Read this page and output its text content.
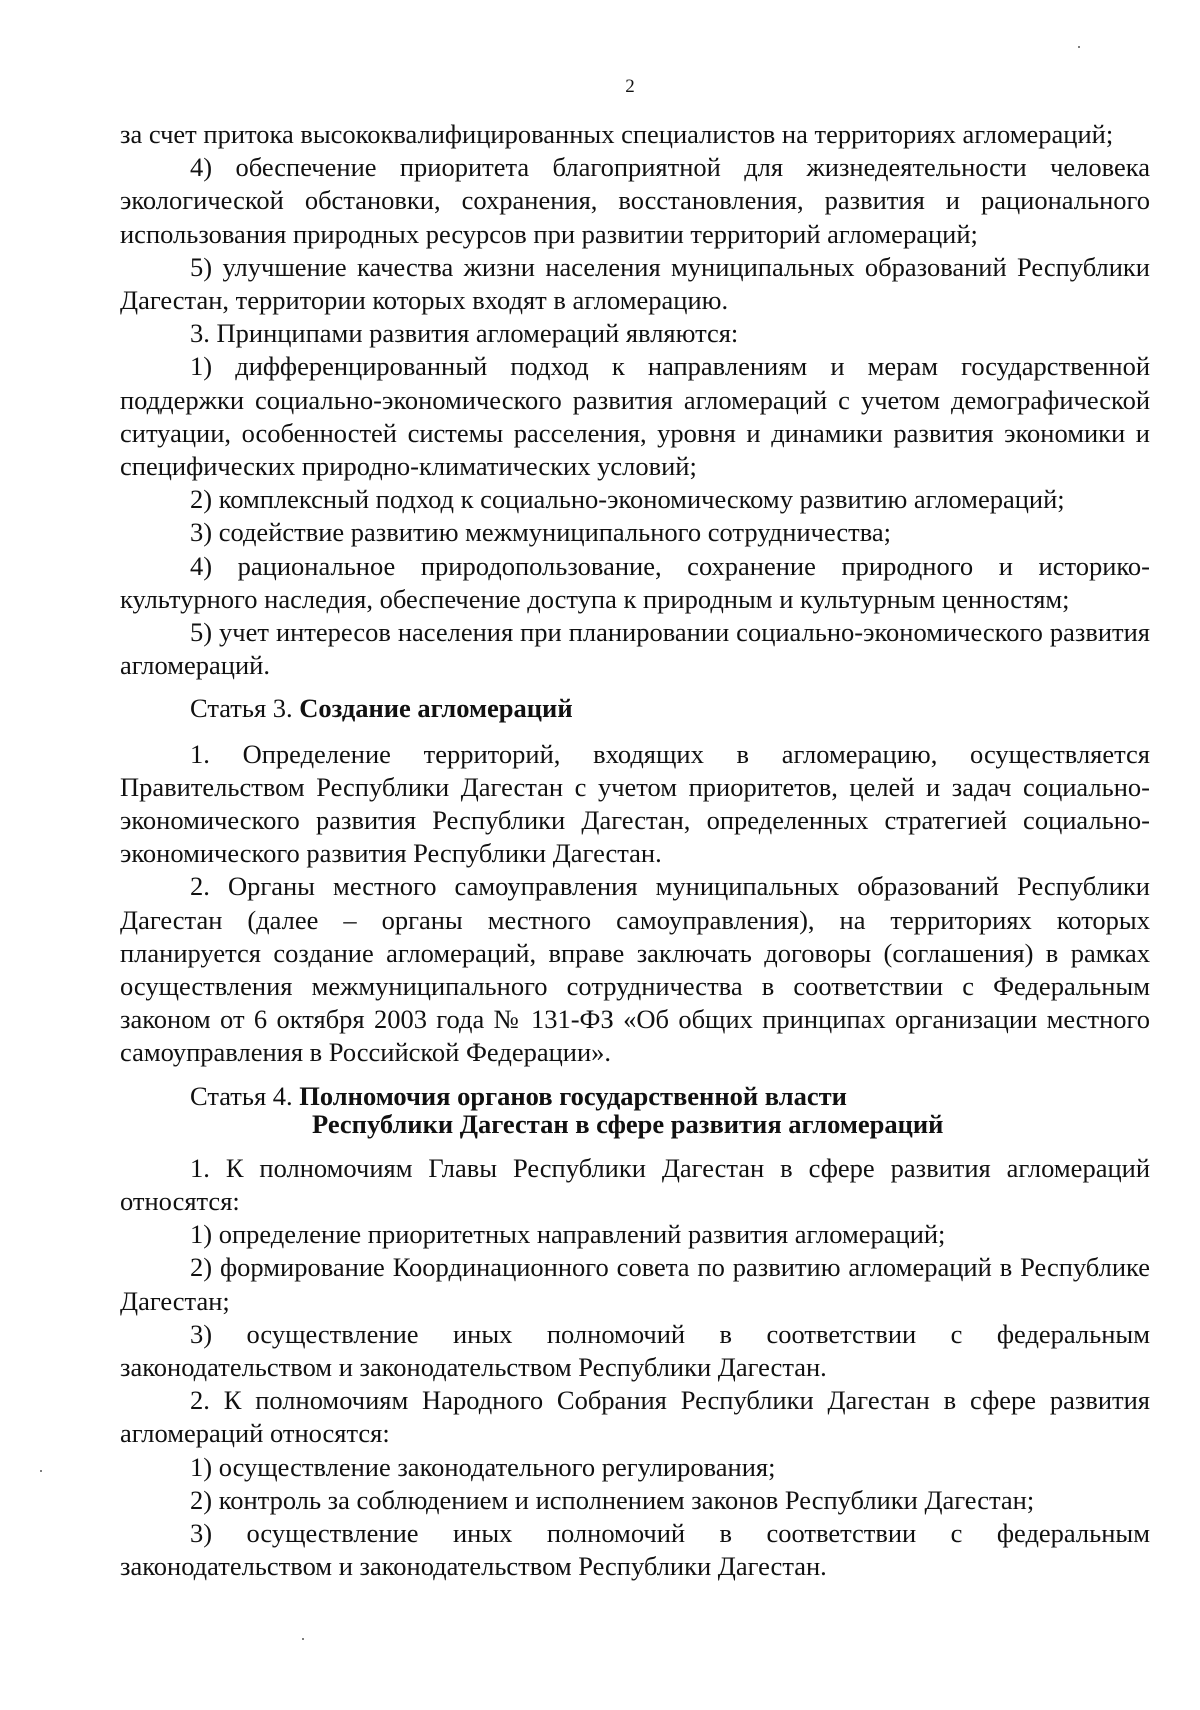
2

за счет притока высококвалифицированных специалистов на территориях агломераций;

4) обеспечение приоритета благоприятной для жизнедеятельности человека экологической обстановки, сохранения, восстановления, развития и рационального использования природных ресурсов при развитии территорий агломераций;

5) улучшение качества жизни населения муниципальных образований Республики Дагестан, территории которых входят в агломерацию.

3. Принципами развития агломераций являются:

1) дифференцированный подход к направлениям и мерам государственной поддержки социально-экономического развития агломераций с учетом демографической ситуации, особенностей системы расселения, уровня и динамики развития экономики и специфических природно-климатических условий;

2) комплексный подход к социально-экономическому развитию агломераций;

3) содействие развитию межмуниципального сотрудничества;

4) рациональное природопользование, сохранение природного и историко-культурного наследия, обеспечение доступа к природным и культурным ценностям;

5) учет интересов населения при планировании социально-экономического развития агломераций.

Статья 3. Создание агломераций

1. Определение территорий, входящих в агломерацию, осуществляется Правительством Республики Дагестан с учетом приоритетов, целей и задач социально-экономического развития Республики Дагестан, определенных стратегией социально-экономического развития Республики Дагестан.

2. Органы местного самоуправления муниципальных образований Республики Дагестан (далее – органы местного самоуправления), на территориях которых планируется создание агломераций, вправе заключать договоры (соглашения) в рамках осуществления межмуниципального сотрудничества в соответствии с Федеральным законом от 6 октября 2003 года № 131-ФЗ «Об общих принципах организации местного самоуправления в Российской Федерации».

Статья 4. Полномочия органов государственной власти
Республики Дагестан в сфере развития агломераций

1. К полномочиям Главы Республики Дагестан в сфере развития агломераций относятся:

1) определение приоритетных направлений развития агломераций;

2) формирование Координационного совета по развитию агломераций в Республике Дагестан;

3) осуществление иных полномочий в соответствии с федеральным законодательством и законодательством Республики Дагестан.

2. К полномочиям Народного Собрания Республики Дагестан в сфере развития агломераций относятся:

1) осуществление законодательного регулирования;

2) контроль за соблюдением и исполнением законов Республики Дагестан;

3) осуществление иных полномочий в соответствии с федеральным законодательством и законодательством Республики Дагестан.
